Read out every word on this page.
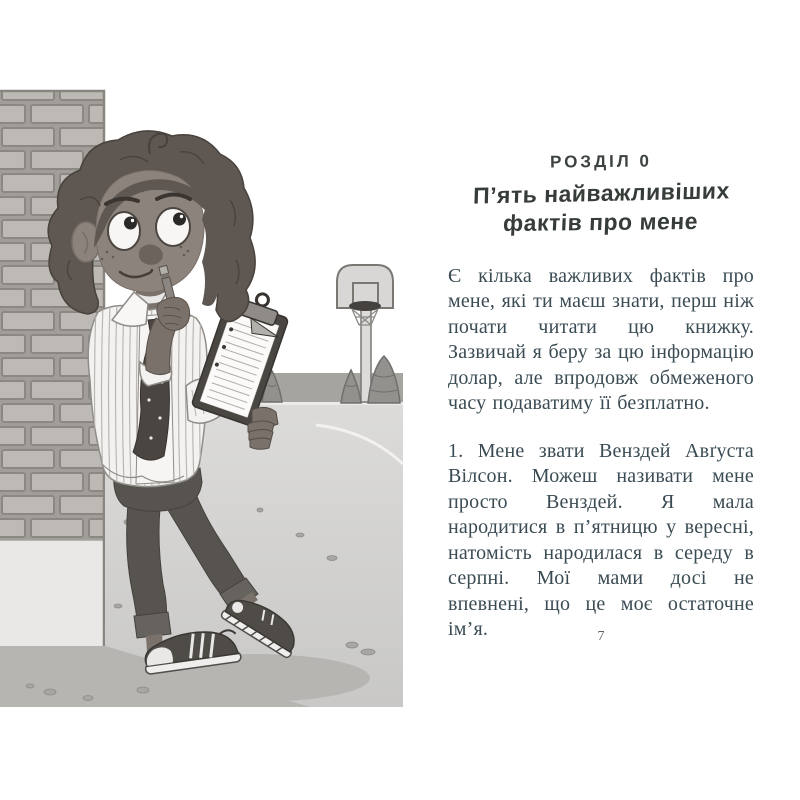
РОЗДІЛ 0
П’ять найважливіших
фактів про мене

Є кілька важливих фактів про мене, які ти маєш знати, перш ніж почати читати цю книжку. Зазвичай я беру за цю інформацію долар, але впродовж обмеженого часу подаватиму її безплатно.

1. Мене звати Венздей Авґуста Вілсон. Можеш називати мене просто Венздей. Я мала народитися в п’ятницю у вересні, натомість народилася в середу в серпні. Мої мами досі не впевнені, що це моє остаточне ім’я.	7
